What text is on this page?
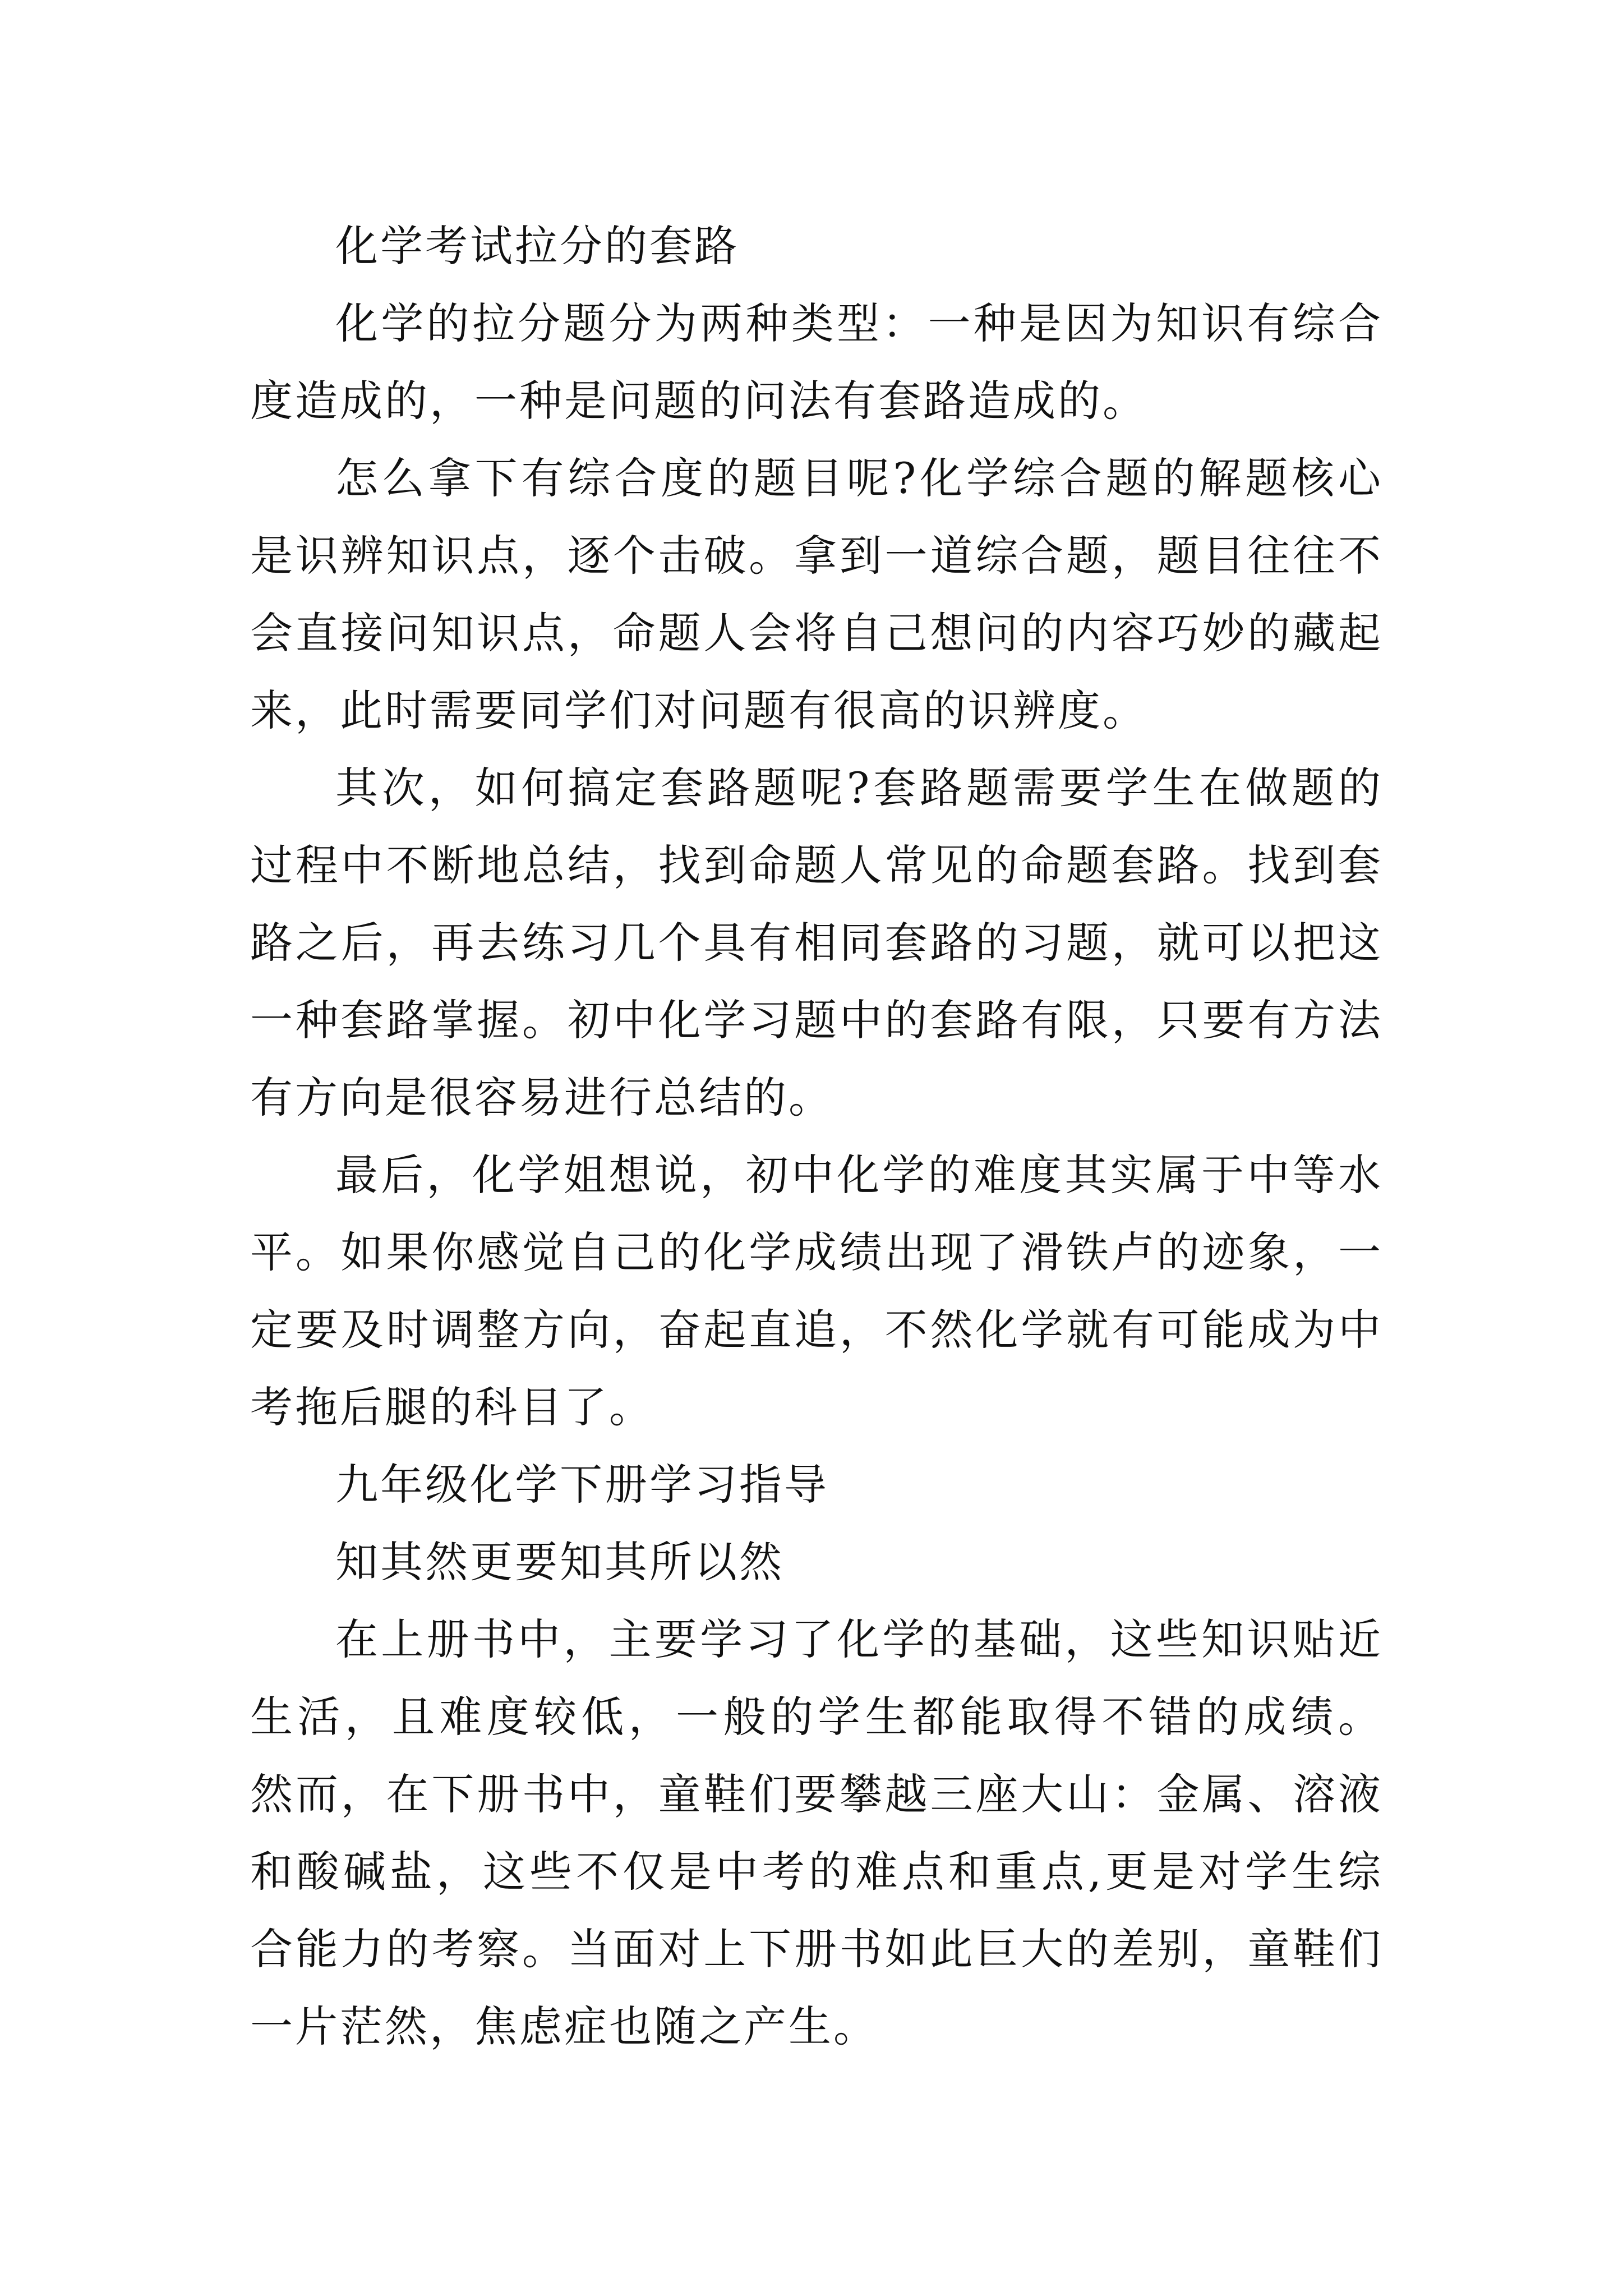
化学考试拉分的套路

化学的拉分题分为两种类型：一种是因为知识有综合度造成的，一种是问题的问法有套路造成的。

怎么拿下有综合度的题目呢?化学综合题的解题核心是识辨知识点，逐个击破。拿到一道综合题，题目往往不会直接问知识点，命题人会将自己想问的内容巧妙的藏起来，此时需要同学们对问题有很高的识辨度。

其次，如何搞定套路题呢?套路题需要学生在做题的过程中不断地总结，找到命题人常见的命题套路。找到套路之后，再去练习几个具有相同套路的习题，就可以把这一种套路掌握。初中化学习题中的套路有限，只要有方法有方向是很容易进行总结的。

最后，化学姐想说，初中化学的难度其实属于中等水平。如果你感觉自己的化学成绩出现了滑铁卢的迹象，一定要及时调整方向，奋起直追，不然化学就有可能成为中考拖后腿的科目了。

九年级化学下册学习指导

知其然更要知其所以然

在上册书中，主要学习了化学的基础，这些知识贴近生活，且难度较低，一般的学生都能取得不错的成绩。 然而，在下册书中，童鞋们要攀越三座大山：金属、溶液和酸碱盐，这些不仅是中考的难点和重点,更是对学生综合能力的考察。当面对上下册书如此巨大的差别，童鞋们一片茫然，焦虑症也随之产生。
